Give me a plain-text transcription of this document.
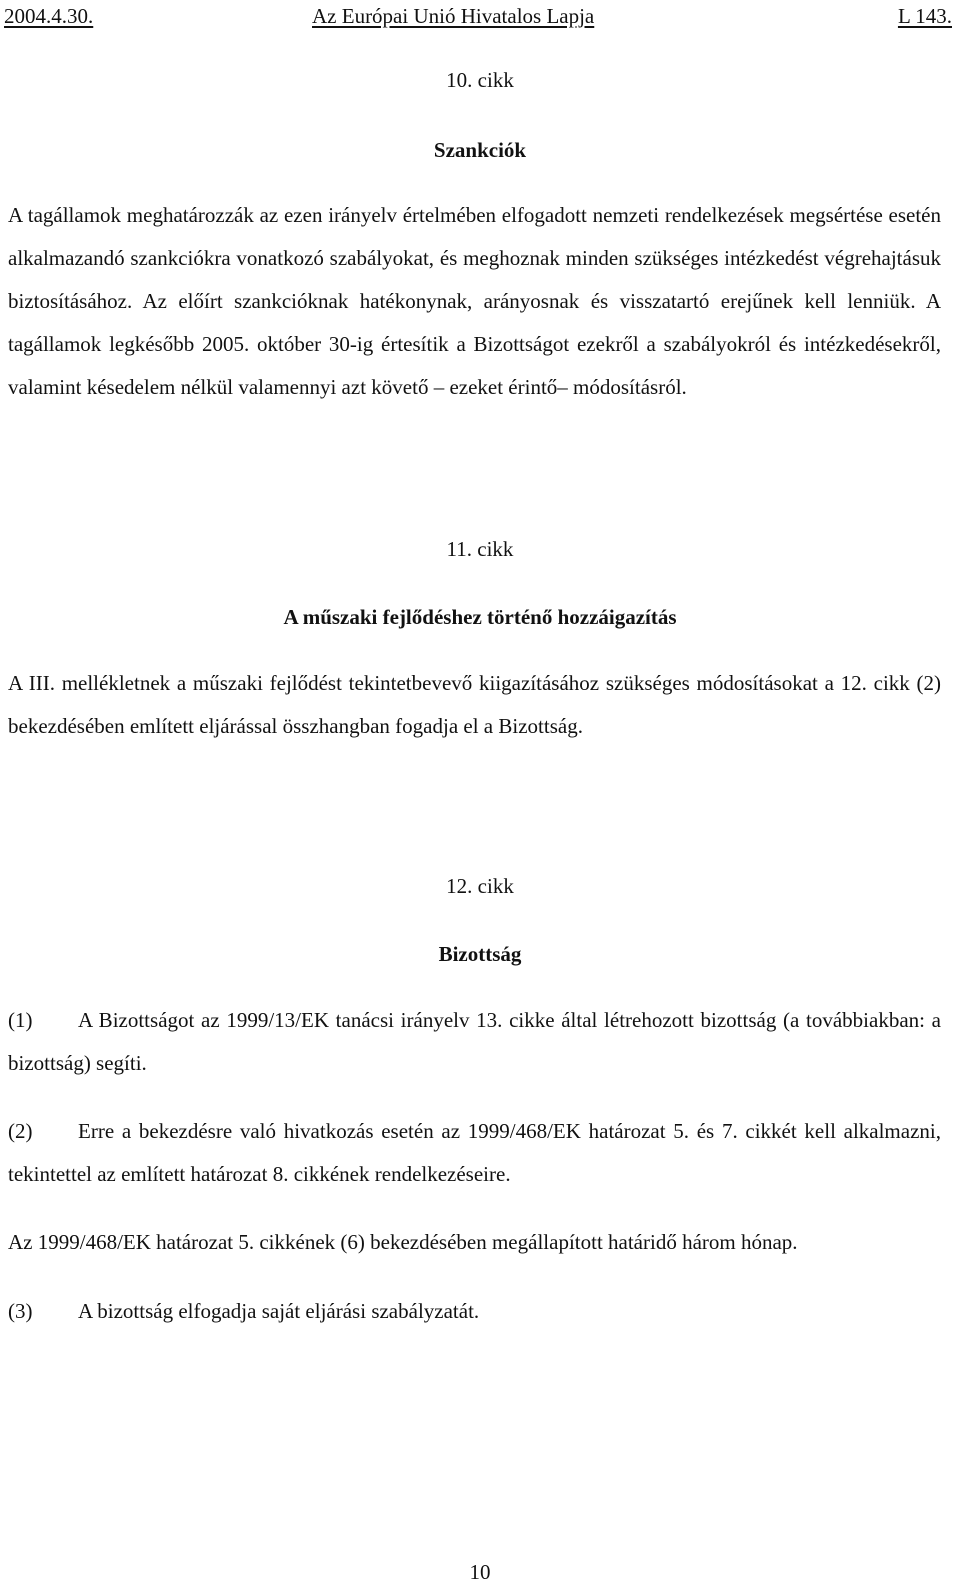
2004.4.30.	Az Európai Unió Hivatalos Lapja	L 143.
10. cikk
Szankciók

A tagállamok meghatározzák az ezen irányelv értelmében elfogadott nemzeti rendelkezések megsértése esetén alkalmazandó szankciókra vonatkozó szabályokat, és meghoznak minden szükséges intézkedést végrehajtásuk biztosításához. Az előírt szankcióknak hatékonynak, arányosnak és visszatartó erejűnek kell lenniük. A tagállamok legkésőbb 2005. október 30-ig értesítik a Bizottságot ezekről a szabályokról és intézkedésekről, valamint késedelem nélkül valamennyi azt követő – ezeket érintő– módosításról.

11. cikk
A műszaki fejlődéshez történő hozzáigazítás

A III. mellékletnek a műszaki fejlődést tekintetbevevő kiigazításához szükséges módosításokat a 12. cikk (2) bekezdésében említett eljárással összhangban fogadja el a Bizottság.

12. cikk
Bizottság

(1) A Bizottságot az 1999/13/EK tanácsi irányelv 13. cikke által létrehozott bizottság (a továbbiakban: a bizottság) segíti.

(2) Erre a bekezdésre való hivatkozás esetén az 1999/468/EK határozat 5. és 7. cikkét kell alkalmazni, tekintettel az említett határozat 8. cikkének rendelkezéseire.

Az 1999/468/EK határozat 5. cikkének (6) bekezdésében megállapított határidő három hónap.
(3) A bizottság elfogadja saját eljárási szabályzatát.
10
